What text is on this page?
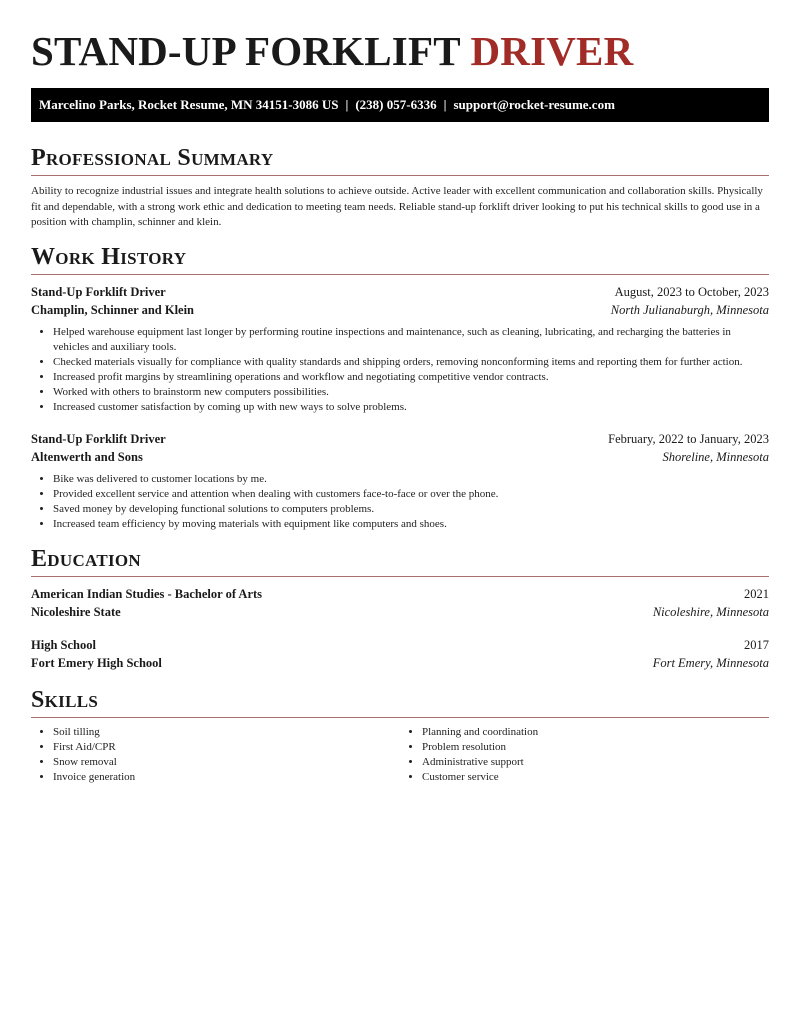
STAND-UP FORKLIFT DRIVER
Marcelino Parks, Rocket Resume, MN 34151-3086 US | (238) 057-6336 | support@rocket-resume.com
Professional Summary
Ability to recognize industrial issues and integrate health solutions to achieve outside. Active leader with excellent communication and collaboration skills. Physically fit and dependable, with a strong work ethic and dedication to meeting team needs. Reliable stand-up forklift driver looking to put his technical skills to good use in a position with champlin, schinner and klein.
Work History
Stand-Up Forklift Driver	August, 2023 to October, 2023
Champlin, Schinner and Klein	North Julianaburgh, Minnesota
• Helped warehouse equipment last longer by performing routine inspections and maintenance, such as cleaning, lubricating, and recharging the batteries in vehicles and auxiliary tools.
• Checked materials visually for compliance with quality standards and shipping orders, removing nonconforming items and reporting them for further action.
• Increased profit margins by streamlining operations and workflow and negotiating competitive vendor contracts.
• Worked with others to brainstorm new computers possibilities.
• Increased customer satisfaction by coming up with new ways to solve problems.
Stand-Up Forklift Driver	February, 2022 to January, 2023
Altenwerth and Sons	Shoreline, Minnesota
• Bike was delivered to customer locations by me.
• Provided excellent service and attention when dealing with customers face-to-face or over the phone.
• Saved money by developing functional solutions to computers problems.
• Increased team efficiency by moving materials with equipment like computers and shoes.
Education
American Indian Studies - Bachelor of Arts	2021
Nicoleshire State	Nicoleshire, Minnesota
High School	2017
Fort Emery High School	Fort Emery, Minnesota
Skills
• Soil tilling
• First Aid/CPR
• Snow removal
• Invoice generation
• Planning and coordination
• Problem resolution
• Administrative support
• Customer service
